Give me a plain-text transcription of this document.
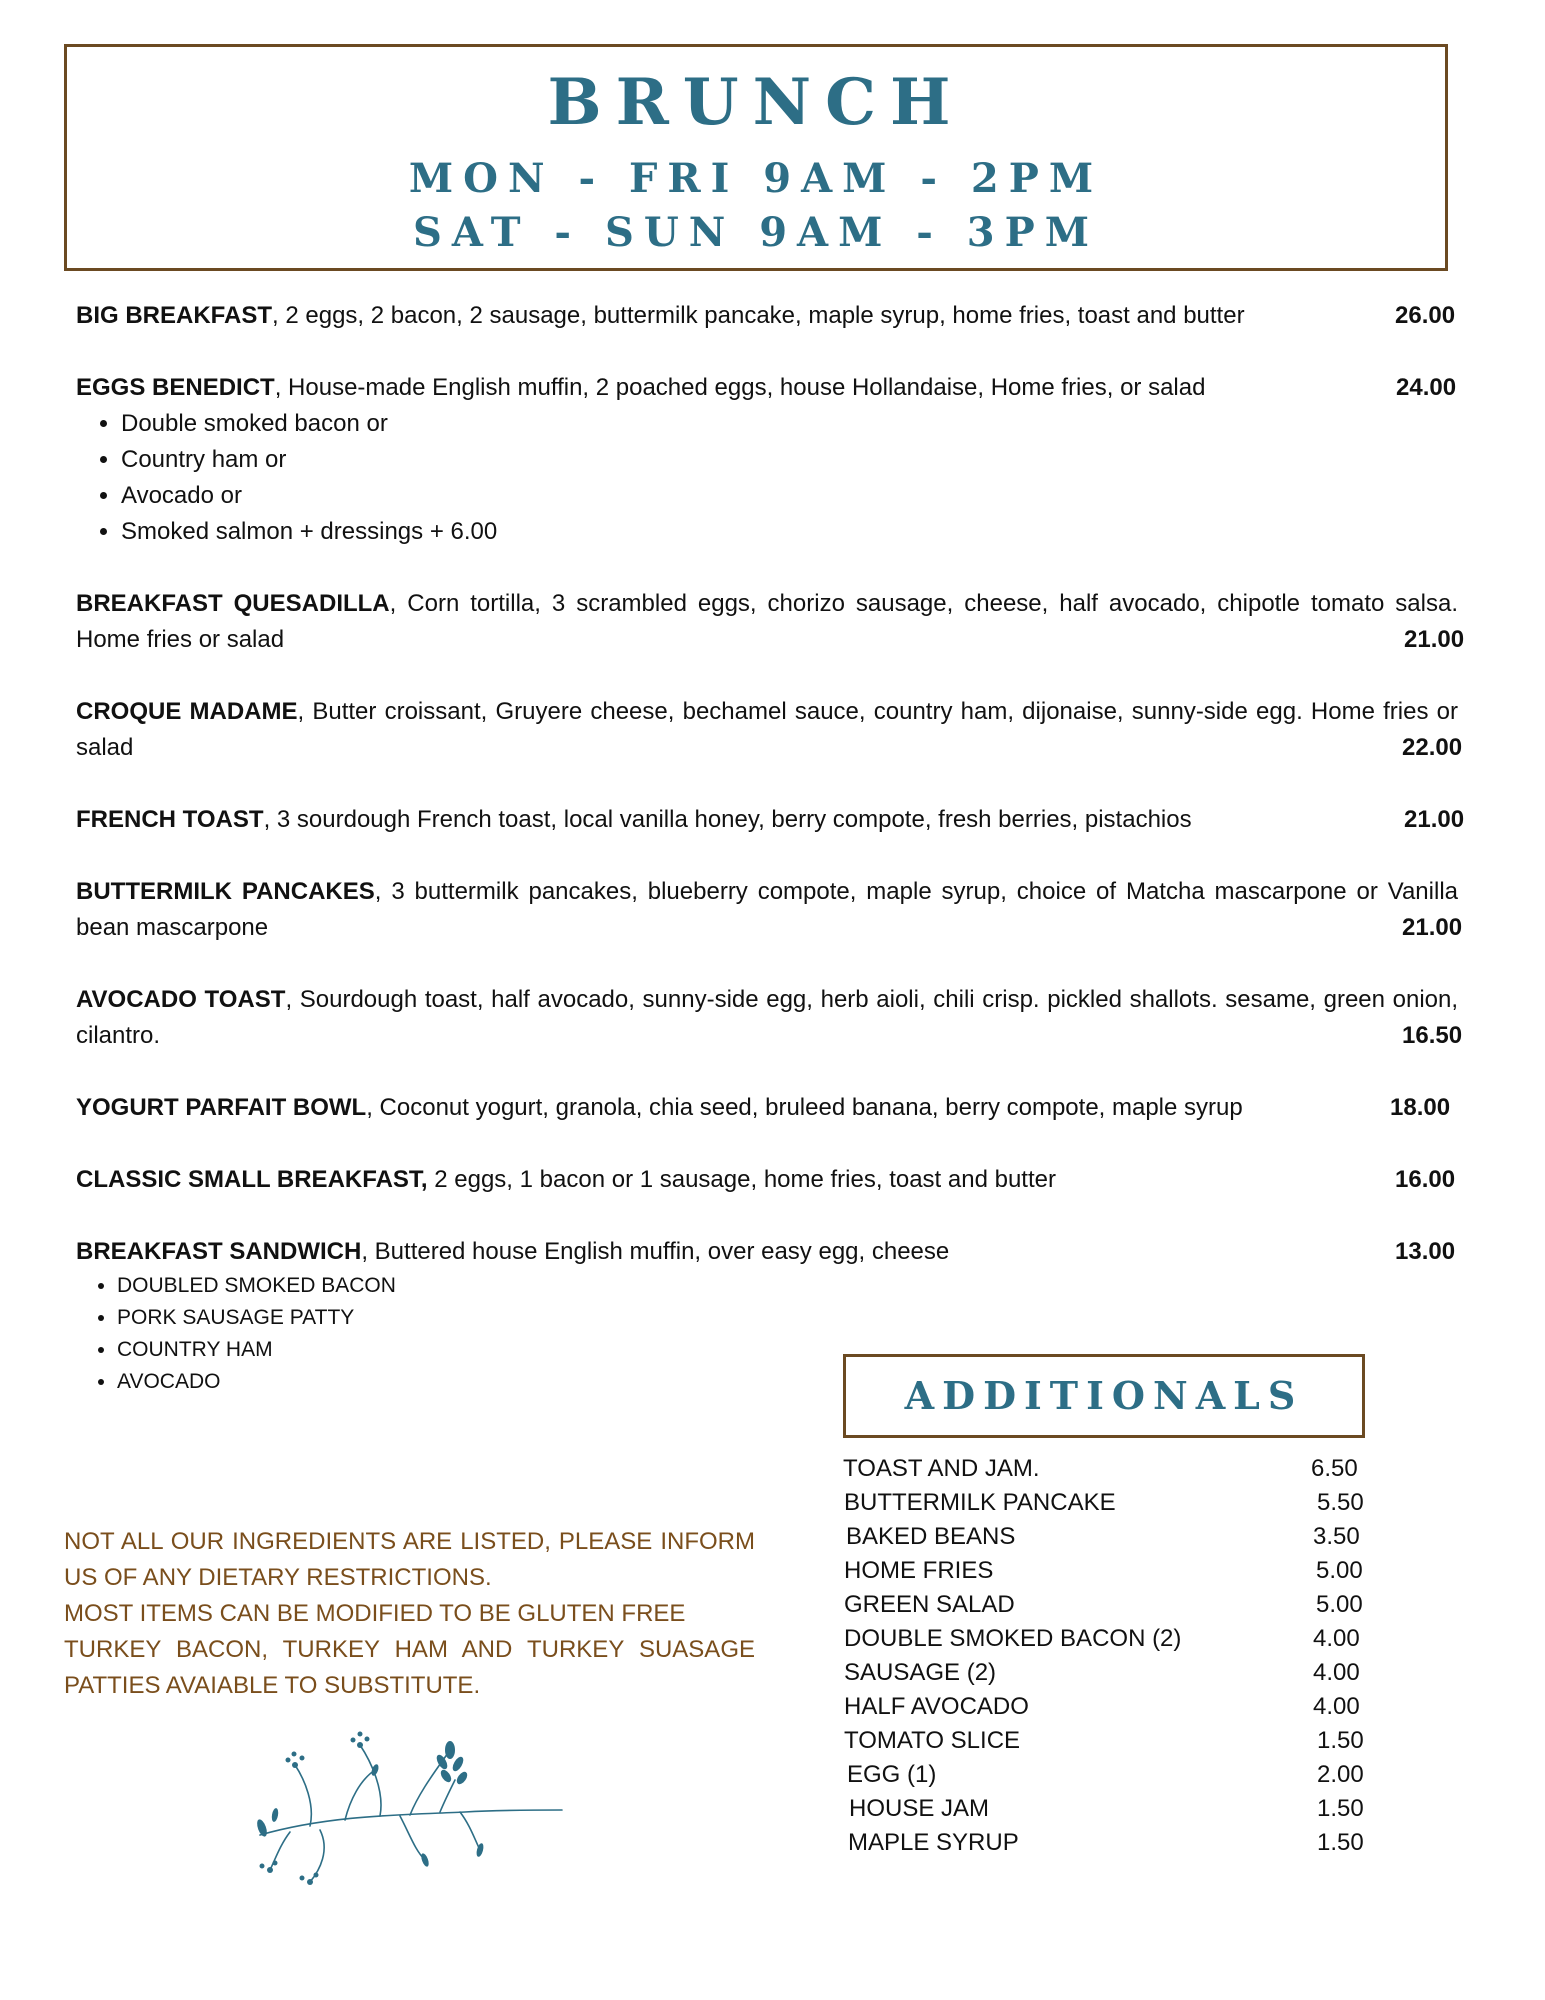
BRUNCH
MON - FRI 9AM - 2PM
SAT - SUN 9AM - 3PM
BIG BREAKFAST, 2 eggs, 2 bacon, 2 sausage, buttermilk pancake, maple syrup, home fries, toast and butter	26.00
EGGS BENEDICT, House-made English muffin, 2 poached eggs, house Hollandaise, Home fries, or salad	24.00
• Double smoked bacon or
• Country ham or
• Avocado or
• Smoked salmon + dressings + 6.00
BREAKFAST QUESADILLA, Corn tortilla, 3 scrambled eggs, chorizo sausage, cheese, half avocado, chipotle tomato salsa. Home fries or salad	21.00
CROQUE MADAME, Butter croissant, Gruyere cheese, bechamel sauce, country ham, dijonaise, sunny-side egg. Home fries or salad	22.00
FRENCH TOAST, 3 sourdough French toast, local vanilla honey, berry compote, fresh berries, pistachios	21.00
BUTTERMILK PANCAKES, 3 buttermilk pancakes, blueberry compote, maple syrup, choice of Matcha mascarpone or Vanilla bean mascarpone	21.00
AVOCADO TOAST, Sourdough toast, half avocado, sunny-side egg, herb aioli, chili crisp. pickled shallots. sesame, green onion, cilantro.	16.50
YOGURT PARFAIT BOWL, Coconut yogurt, granola, chia seed, bruleed banana, berry compote, maple syrup	18.00
CLASSIC SMALL BREAKFAST, 2 eggs, 1 bacon or 1 sausage, home fries, toast and butter	16.00
BREAKFAST SANDWICH, Buttered house English muffin, over easy egg, cheese	13.00
• DOUBLED SMOKED BACON
• PORK SAUSAGE PATTY
• COUNTRY HAM
• AVOCADO

NOT ALL OUR INGREDIENTS ARE LISTED, PLEASE INFORM US OF ANY DIETARY RESTRICTIONS.

MOST ITEMS CAN BE MODIFIED TO BE GLUTEN FREE

TURKEY BACON, TURKEY HAM AND TURKEY SUASAGE PATTIES AVAIABLE TO SUBSTITUTE.

ADDITIONALS
TOAST AND JAM.	6.50
BUTTERMILK PANCAKE	5.50
BAKED BEANS	3.50
HOME FRIES	5.00
GREEN SALAD	5.00
DOUBLE SMOKED BACON (2)	4.00
SAUSAGE (2)	4.00
HALF AVOCADO	4.00
TOMATO SLICE	1.50
EGG (1)	2.00
HOUSE JAM	1.50
MAPLE SYRUP	1.50
